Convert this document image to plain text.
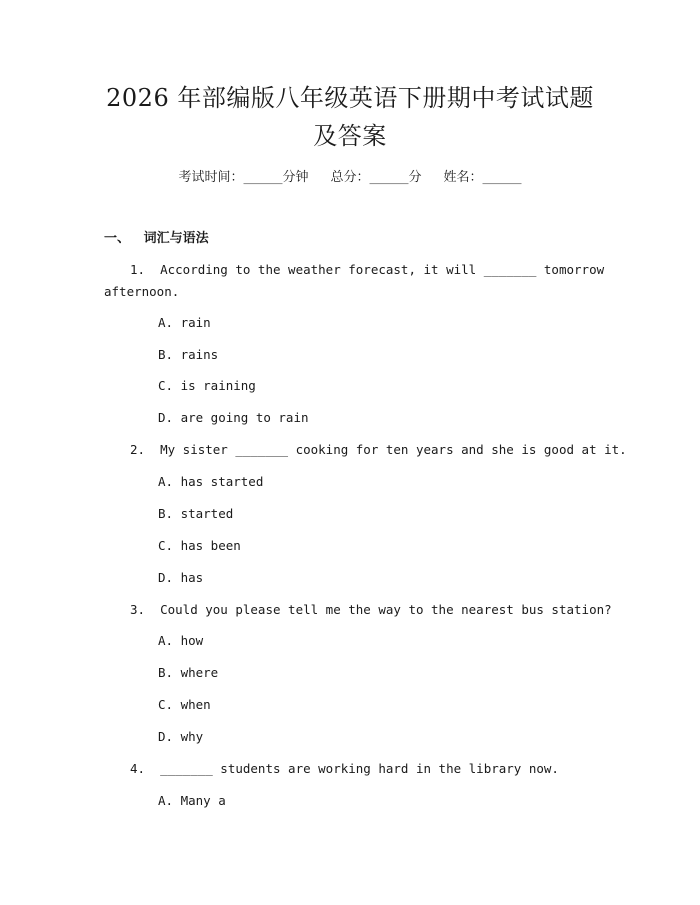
2026 年部编版八年级英语下册期中考试试题
及答案
考试时间：______分钟 总分：______分 姓名：______
一、 词汇与语法
1.  According to the weather forecast, it will _______ tomorrow
afternoon.
A. rain
B. rains
C. is raining
D. are going to rain
2.  My sister _______ cooking for ten years and she is good at it.
A. has started
B. started
C. has been
D. has
3.  Could you please tell me the way to the nearest bus station?
A. how
B. where
C. when
D. why
4.  _______ students are working hard in the library now.
A. Many a
